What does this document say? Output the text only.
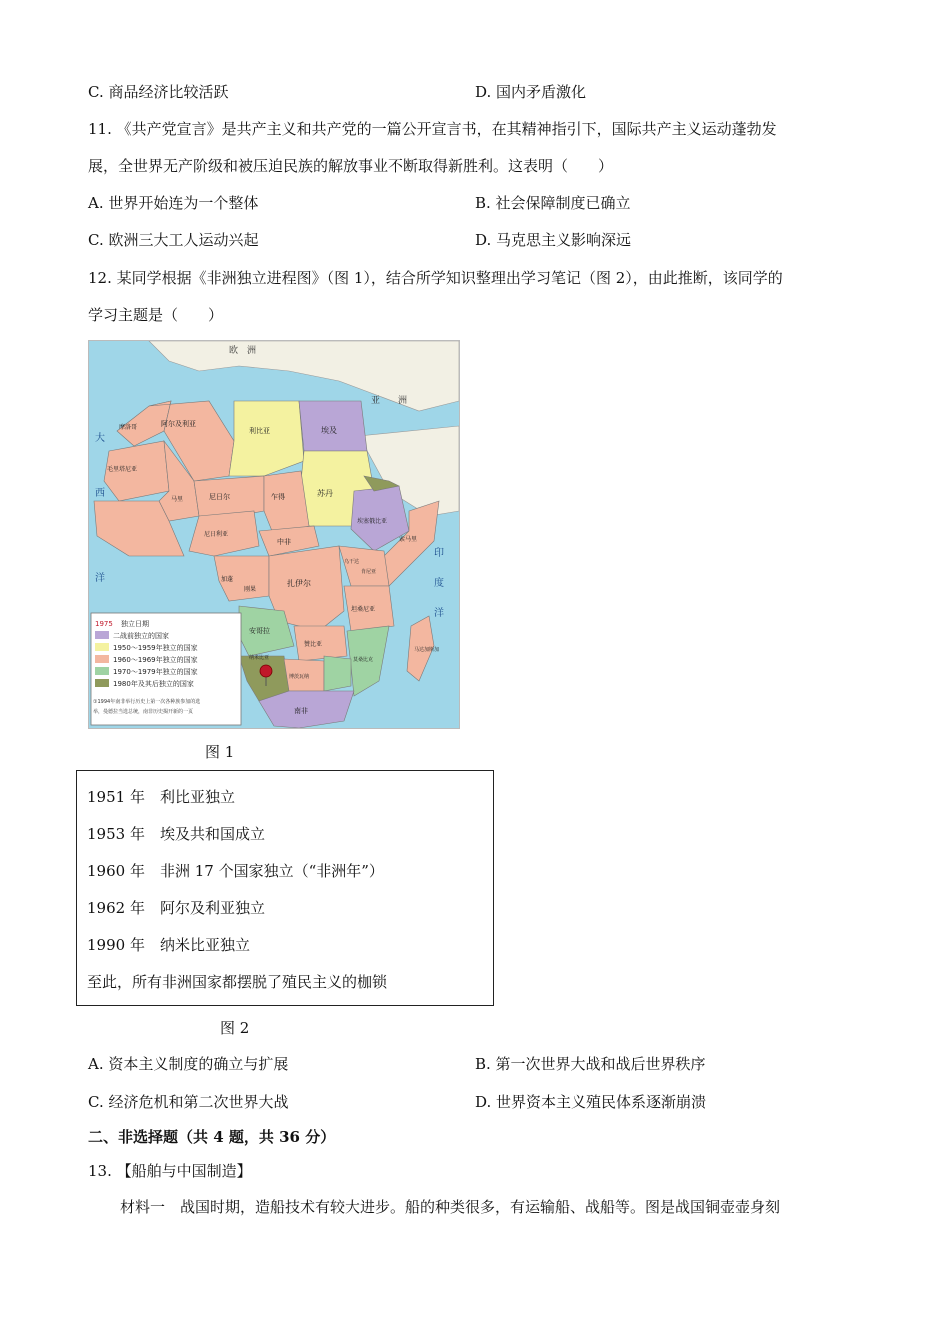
C. 商品经济比较活跃	D. 国内矛盾激化
11. 《共产党宣言》是共产主义和共产党的一篇公开宣言书，在其精神指引下，国际共产主义运动蓬勃发
展，全世界无产阶级和被压迫民族的解放事业不断取得新胜利。这表明（　　）
A. 世界开始连为一个整体	B. 社会保障制度已确立
C. 欧洲三大工人运动兴起	D. 马克思主义影响深远
12. 某同学根据《非洲独立进程图》（图 1），结合所学知识整理出学习笔记（图 2），由此推断，该同学的
学习主题是（　　）
欧　洲
亚　　洲
大
西
洋
印
度
洋
摩洛哥	阿尔及利亚
利比亚	埃及
苏丹
毛里塔尼亚
马里	尼日尔	乍得
尼日利亚
埃塞俄比亚
中非
加蓬
刚果
扎伊尔
乌干达
肯尼亚
索马里
坦桑尼亚
安哥拉
赞比亚
莫桑比克
纳米比亚
博茨瓦纳
南非
马达加斯加
1975 独立日期
二战前独立的国家
1950～1959年独立的国家
1960～1969年独立的国家
1970～1979年独立的国家
1980年及其后独立的国家
①1994年南非举行历史上第一次各种族参加的选
举，曼德拉当选总统，南非历史揭开新的一页
图 1
1951 年　利比亚独立
1953 年　埃及共和国成立
1960 年　非洲 17 个国家独立（“非洲年”）
1962 年　阿尔及利亚独立
1990 年　纳米比亚独立
至此，所有非洲国家都摆脱了殖民主义的枷锁
图 2
A. 资本主义制度的确立与扩展	B. 第一次世界大战和战后世界秩序
C. 经济危机和第二次世界大战	D. 世界资本主义殖民体系逐渐崩溃
二、非选择题（共 4 题，共 36 分）
13. 【船舶与中国制造】
材料一　战国时期，造船技术有较大进步。船的种类很多，有运输船、战船等。图是战国铜壶壶身刻
